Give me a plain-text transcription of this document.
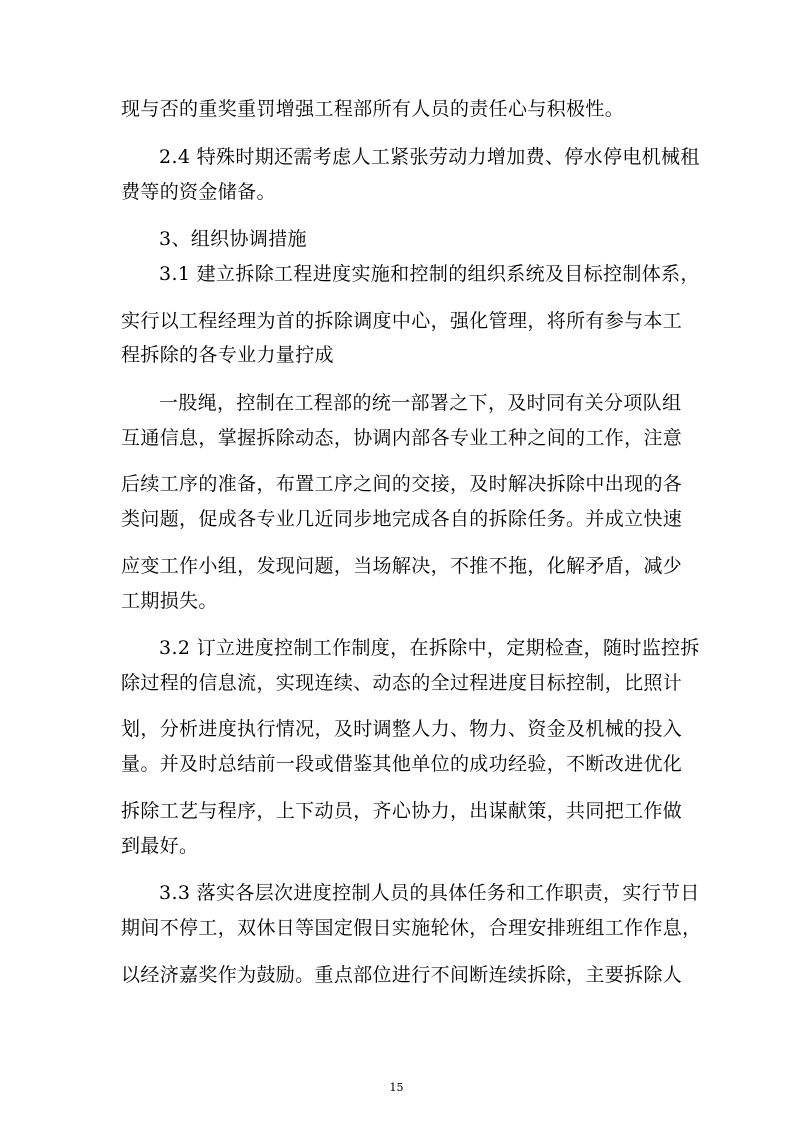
现与否的重奖重罚增强工程部所有人员的责任心与积极性。
2.4 特殊时期还需考虑人工紧张劳动力增加费、停水停电机械租
费等的资金储备。
3、组织协调措施
3.1 建立拆除工程进度实施和控制的组织系统及目标控制体系，
实行以工程经理为首的拆除调度中心，强化管理，将所有参与本工
程拆除的各专业力量拧成
一股绳，控制在工程部的统一部署之下，及时同有关分项队组
互通信息，掌握拆除动态，协调内部各专业工种之间的工作，注意
后续工序的准备，布置工序之间的交接，及时解决拆除中出现的各
类问题，促成各专业几近同步地完成各自的拆除任务。并成立快速
应变工作小组，发现问题，当场解决，不推不拖，化解矛盾，减少
工期损失。
3.2 订立进度控制工作制度，在拆除中，定期检查，随时监控拆
除过程的信息流，实现连续、动态的全过程进度目标控制，比照计
划，分析进度执行情况，及时调整人力、物力、资金及机械的投入
量。并及时总结前一段或借鉴其他单位的成功经验，不断改进优化
拆除工艺与程序，上下动员，齐心协力，出谋献策，共同把工作做
到最好。
3.3 落实各层次进度控制人员的具体任务和工作职责，实行节日
期间不停工，双休日等国定假日实施轮休，合理安排班组工作作息，
以经济嘉奖作为鼓励。重点部位进行不间断连续拆除，主要拆除人
15
